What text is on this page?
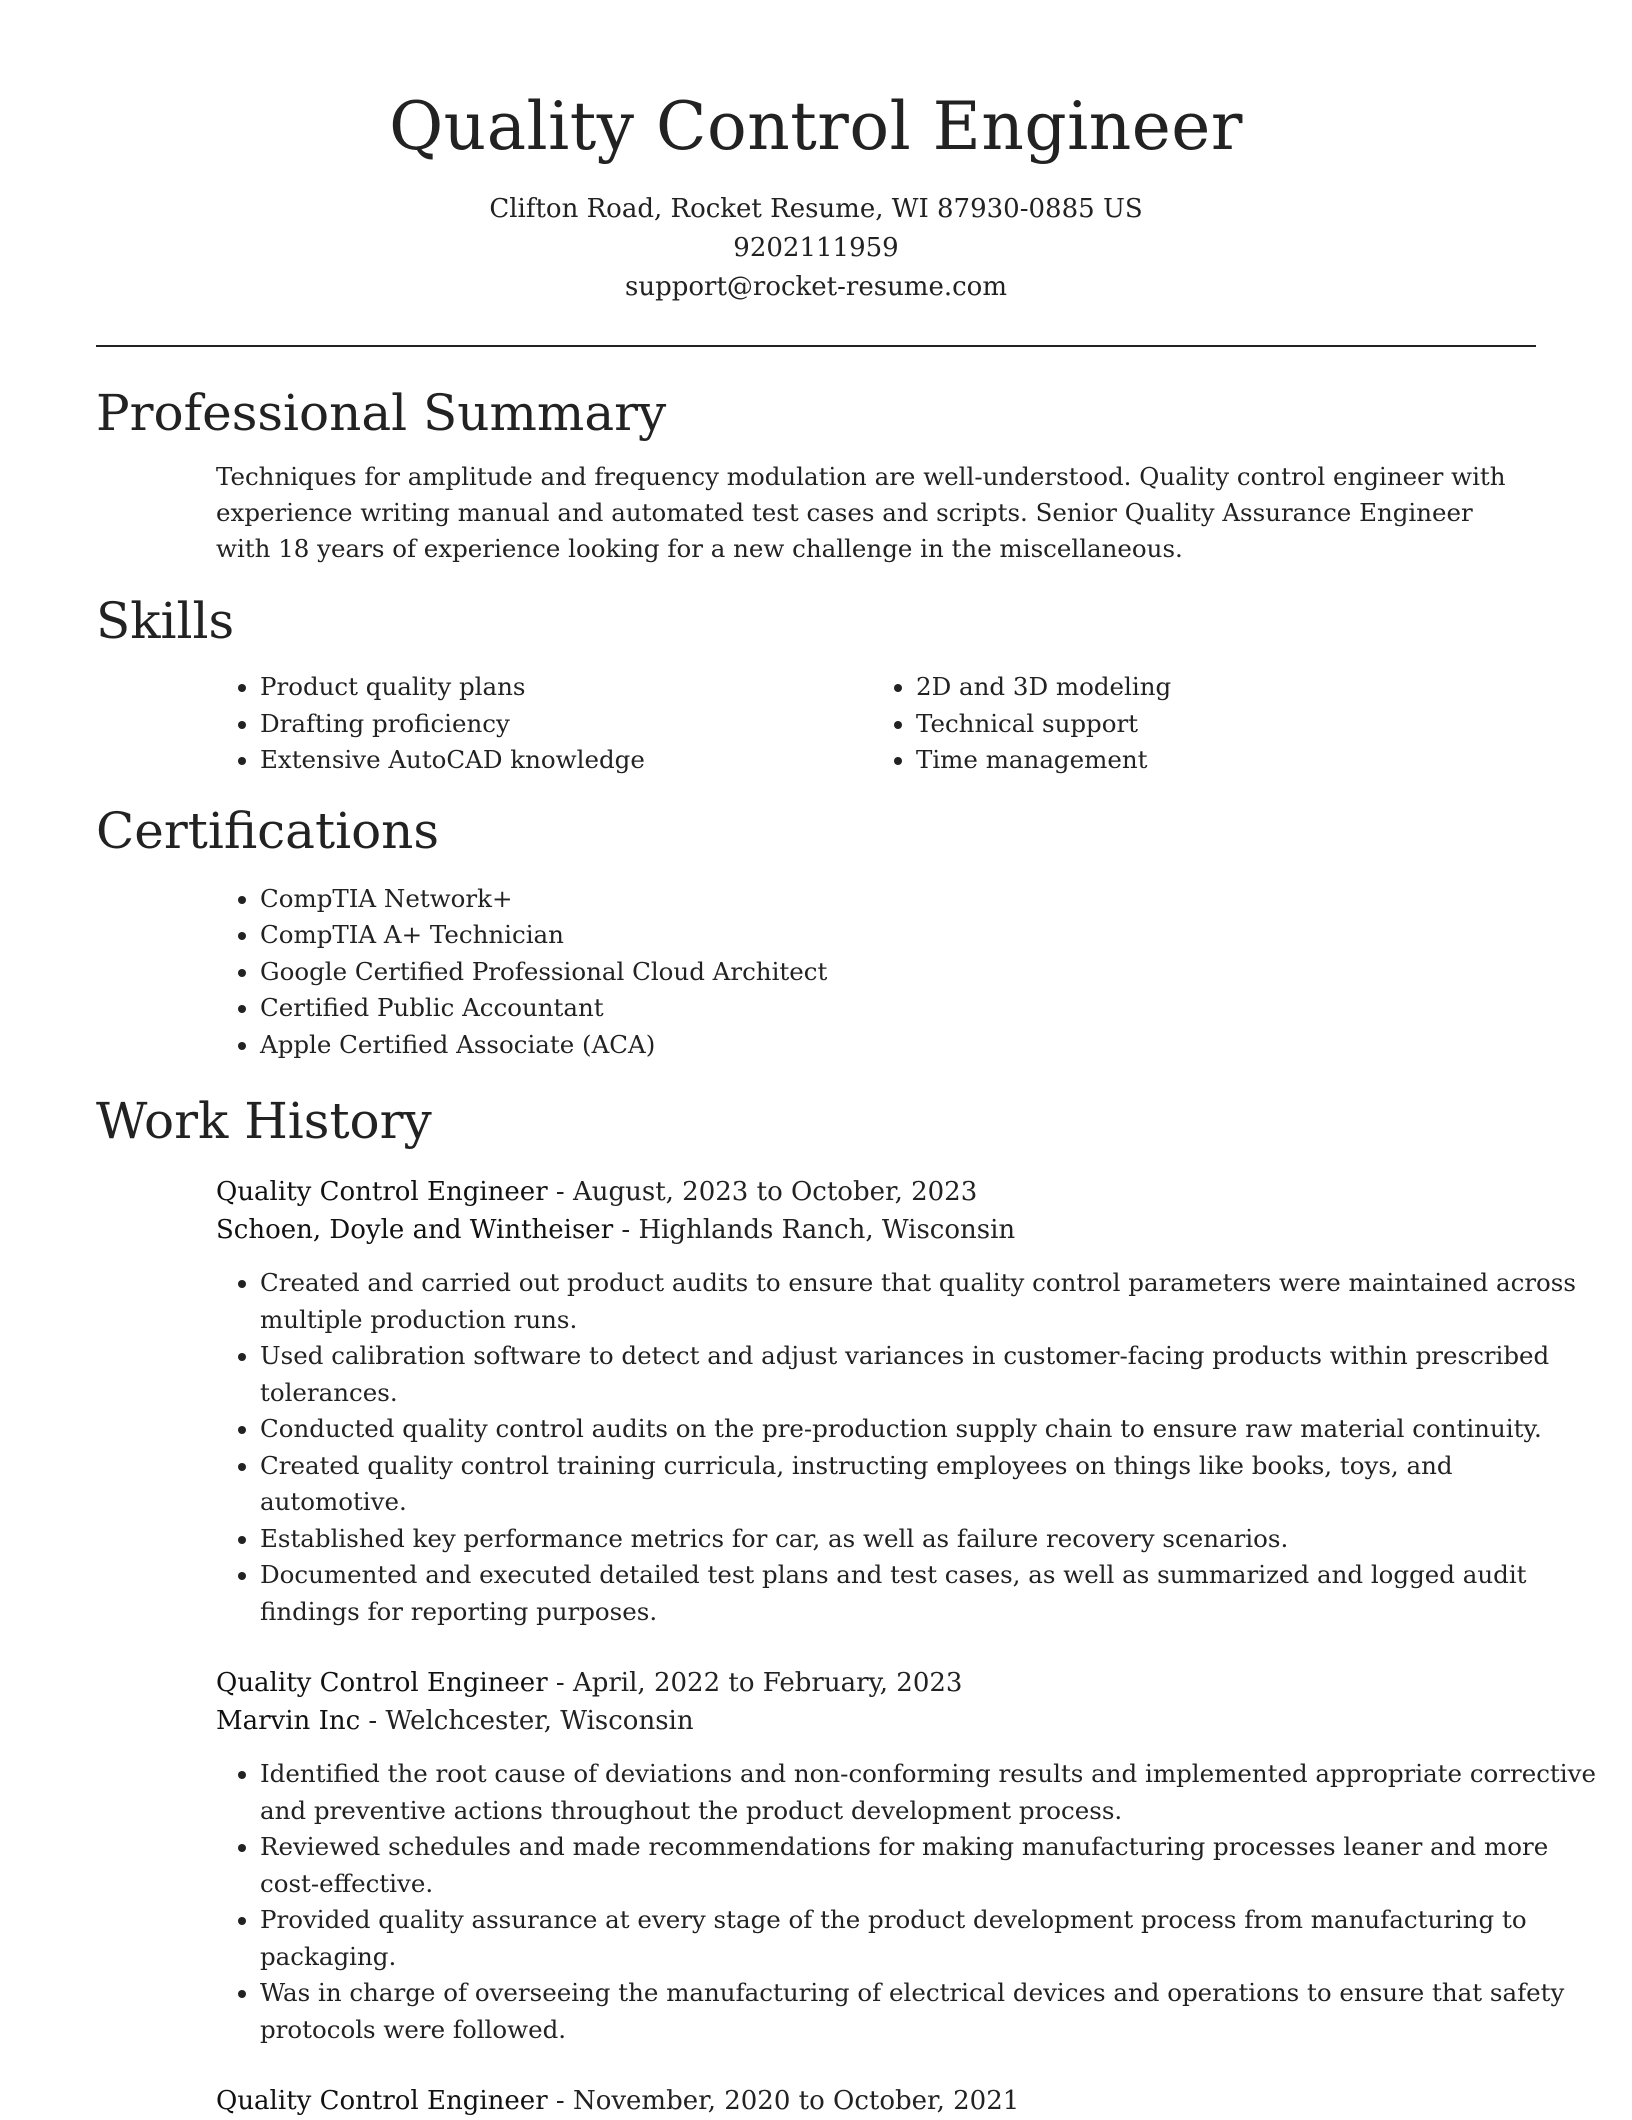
Quality Control Engineer
Clifton Road, Rocket Resume, WI 87930-0885 US
9202111959
support@rocket-resume.com
Professional Summary
Techniques for amplitude and frequency modulation are well-understood. Quality control engineer with experience writing manual and automated test cases and scripts. Senior Quality Assurance Engineer with 18 years of experience looking for a new challenge in the miscellaneous.
Skills
• Product quality plans
• Drafting proficiency
• Extensive AutoCAD knowledge
• 2D and 3D modeling
• Technical support
• Time management
Certifications
• CompTIA Network+
• CompTIA A+ Technician
• Google Certified Professional Cloud Architect
• Certified Public Accountant
• Apple Certified Associate (ACA)
Work History
Quality Control Engineer - August, 2023 to October, 2023
Schoen, Doyle and Wintheiser - Highlands Ranch, Wisconsin
• Created and carried out product audits to ensure that quality control parameters were maintained across multiple production runs.
• Used calibration software to detect and adjust variances in customer-facing products within prescribed tolerances.
• Conducted quality control audits on the pre-production supply chain to ensure raw material continuity.
• Created quality control training curricula, instructing employees on things like books, toys, and automotive.
• Established key performance metrics for car, as well as failure recovery scenarios.
• Documented and executed detailed test plans and test cases, as well as summarized and logged audit findings for reporting purposes.
Quality Control Engineer - April, 2022 to February, 2023
Marvin Inc - Welchcester, Wisconsin
• Identified the root cause of deviations and non-conforming results and implemented appropriate corrective and preventive actions throughout the product development process.
• Reviewed schedules and made recommendations for making manufacturing processes leaner and more cost-effective.
• Provided quality assurance at every stage of the product development process from manufacturing to packaging.
• Was in charge of overseeing the manufacturing of electrical devices and operations to ensure that safety protocols were followed.
Quality Control Engineer - November, 2020 to October, 2021
